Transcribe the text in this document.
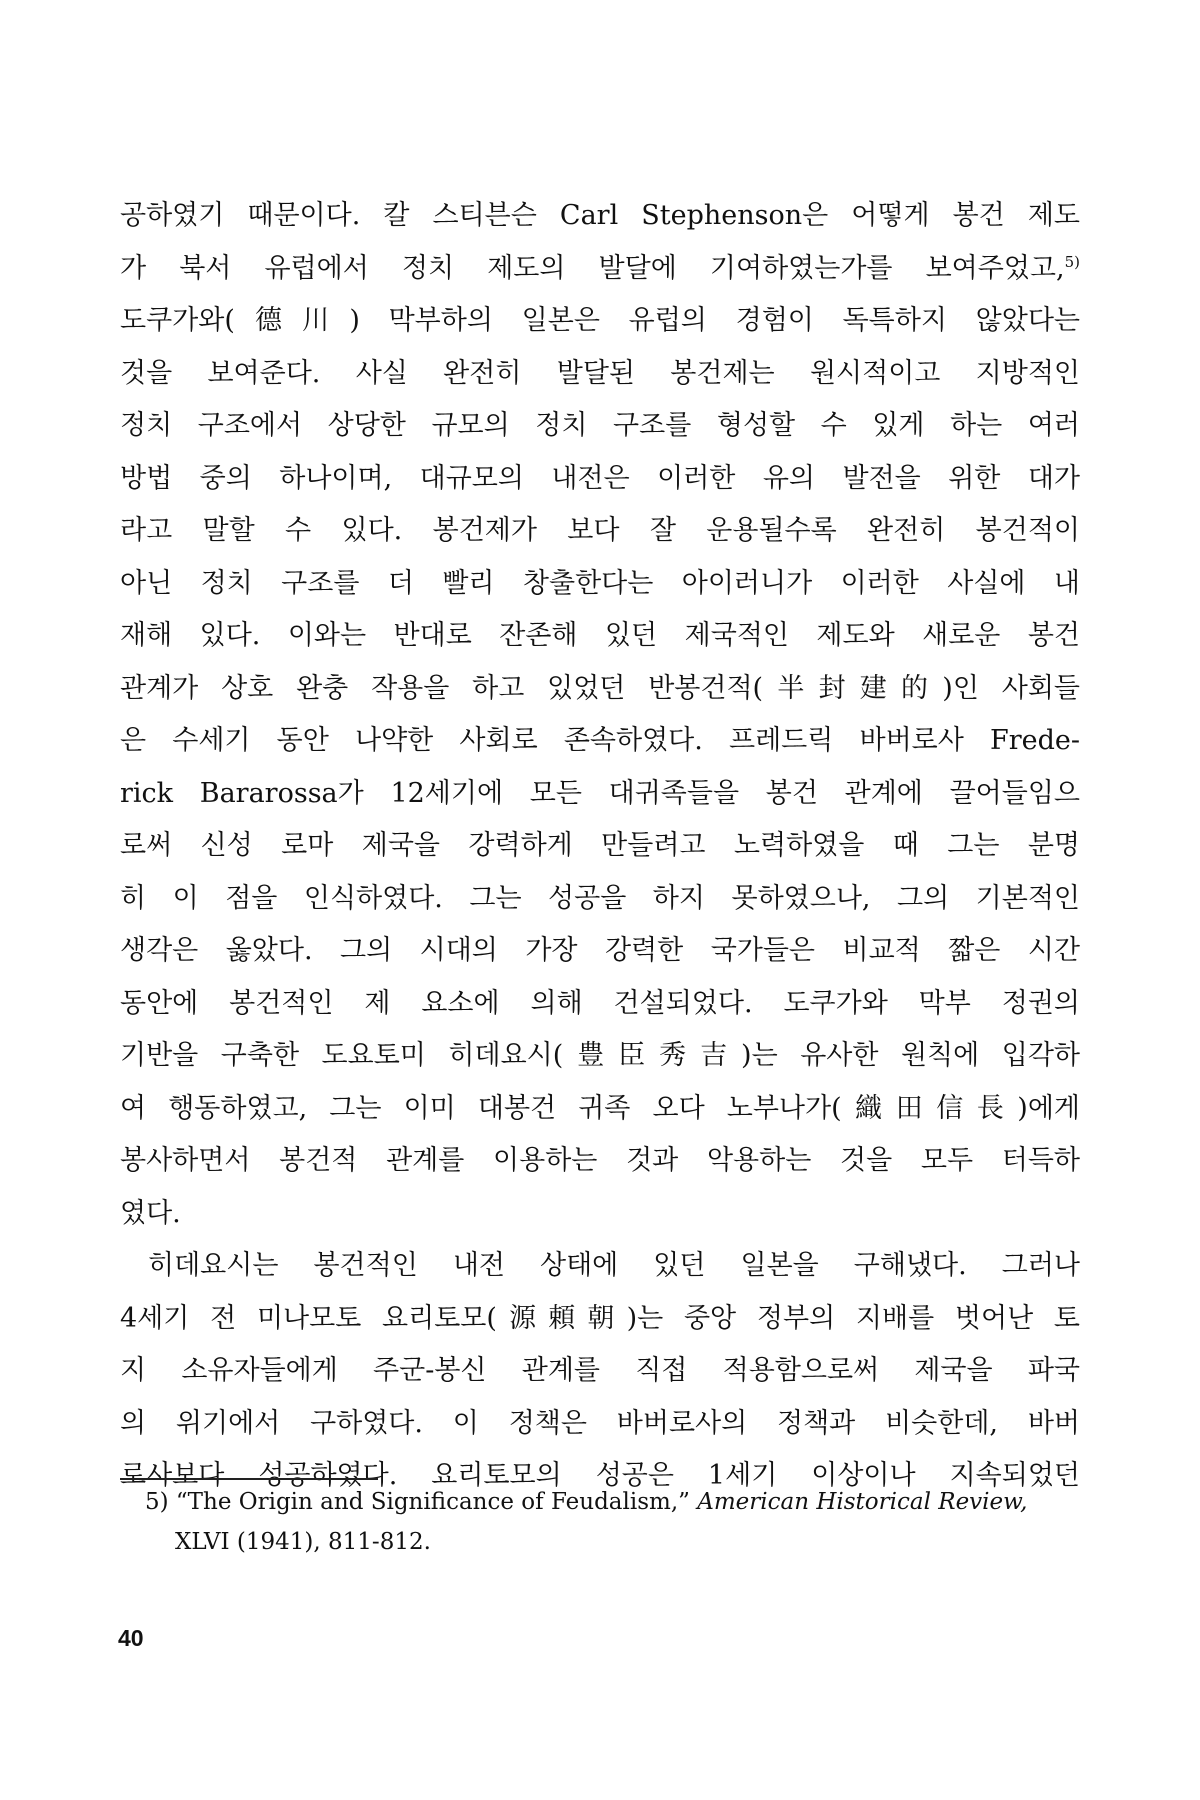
공하였기 때문이다. 칼 스티븐슨 Carl Stephenson은 어떻게 봉건 제도
가 북서 유럽에서 정치 제도의 발달에 기여하였는가를 보여주었고,$^{5)}$
도쿠가와(德川) 막부하의 일본은 유럽의 경험이 독특하지 않았다는
것을 보여준다. 사실 완전히 발달된 봉건제는 원시적이고 지방적인
정치 구조에서 상당한 규모의 정치 구조를 형성할 수 있게 하는 여러
방법 중의 하나이며, 대규모의 내전은 이러한 유의 발전을 위한 대가
라고 말할 수 있다. 봉건제가 보다 잘 운용될수록 완전히 봉건적이
아닌 정치 구조를 더 빨리 창출한다는 아이러니가 이러한 사실에 내
재해 있다. 이와는 반대로 잔존해 있던 제국적인 제도와 새로운 봉건
관계가 상호 완충 작용을 하고 있었던 반봉건적(半封建的)인 사회들
은 수세기 동안 나약한 사회로 존속하였다. 프레드릭 바버로사 Frede-
rick Bararossa가 12세기에 모든 대귀족들을 봉건 관계에 끌어들임으
로써 신성 로마 제국을 강력하게 만들려고 노력하였을 때 그는 분명
히 이 점을 인식하였다. 그는 성공을 하지 못하였으나, 그의 기본적인
생각은 옳았다. 그의 시대의 가장 강력한 국가들은 비교적 짧은 시간
동안에 봉건적인 제 요소에 의해 건설되었다. 도쿠가와 막부 정권의
기반을 구축한 도요토미 히데요시(豊臣秀吉)는 유사한 원칙에 입각하
여 행동하였고, 그는 이미 대봉건 귀족 오다 노부나가(織田信長)에게
봉사하면서 봉건적 관계를 이용하는 것과 악용하는 것을 모두 터득하
였다.
히데요시는 봉건적인 내전 상태에 있던 일본을 구해냈다. 그러나
4세기 전 미나모토 요리토모(源頼朝)는 중앙 정부의 지배를 벗어난 토
지 소유자들에게 주군-봉신 관계를 직접 적용함으로써 제국을 파국
의 위기에서 구하였다. 이 정책은 바버로사의 정책과 비슷한데, 바버
로사보다 성공하였다. 요리토모의 성공은 1세기 이상이나 지속되었던
5) “The Origin and Significance of Feudalism,” American Historical Review,
XLVI (1941), 811-812.
40
